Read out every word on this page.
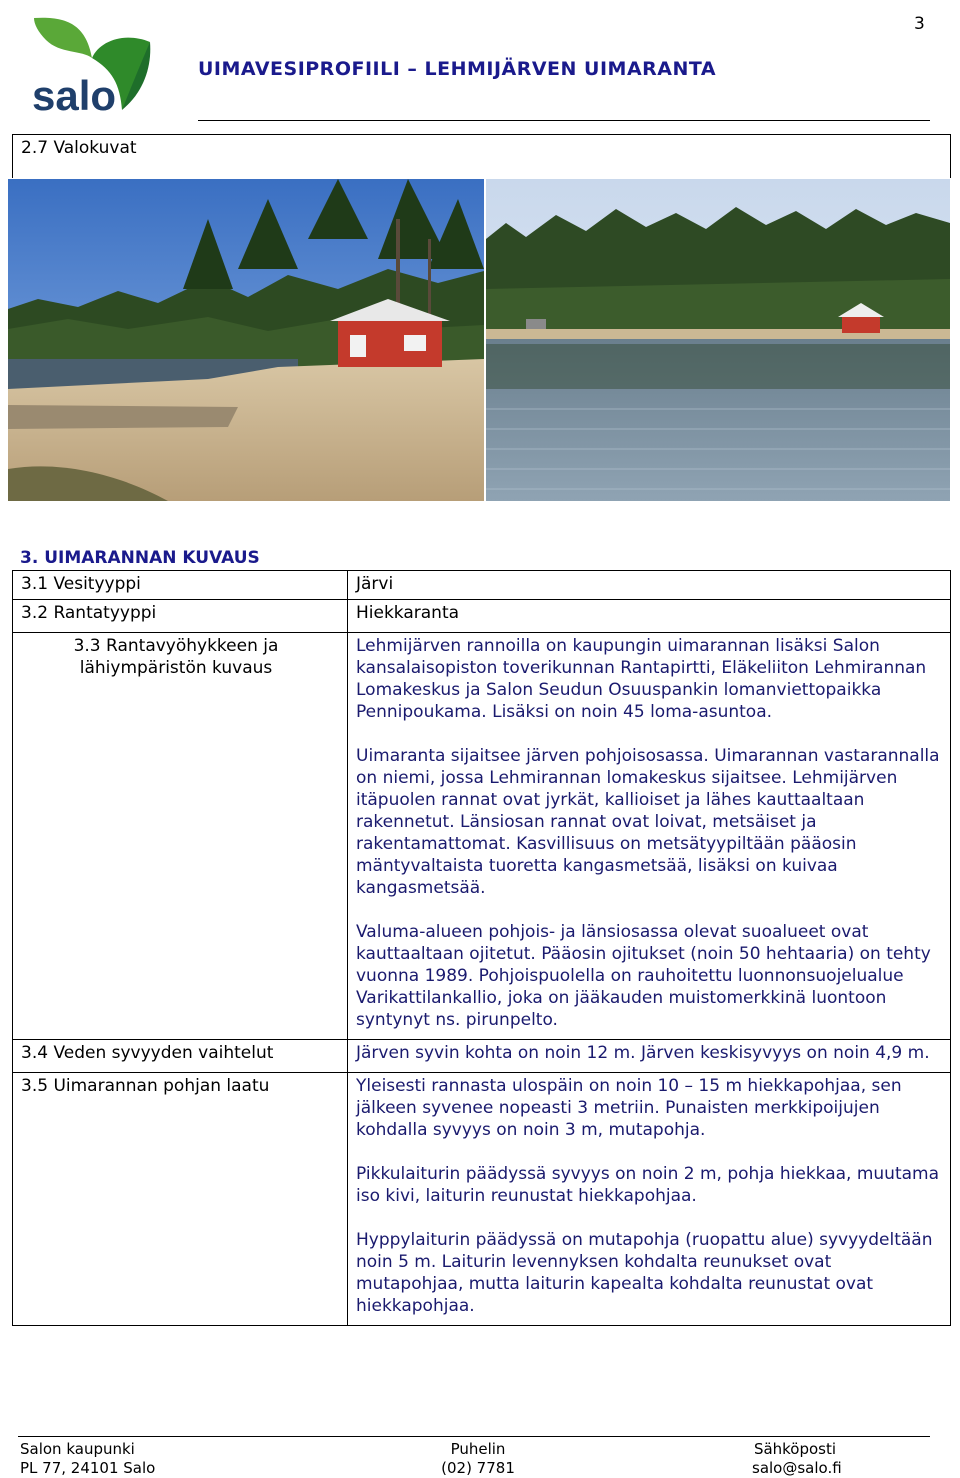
3
salo
UIMAVESIPROFIILI – LEHMIJÄRVEN UIMARANTA
2.7 Valokuvat
3. UIMARANNAN KUVAUS
3.1 Vesityyppi	Järvi

3.2 Rantatyyppi	Hiekkaranta

3.3 Rantavyöhykkeen ja lähiympäristön kuvaus	Lehmijärven rannoilla on kaupungin uimarannan lisäksi Salon kansalaisopiston toverikunnan Rantapirtti, Eläkeliiton Lehmirannan Lomakeskus ja Salon Seudun Osuuspankin lomanviettopaikka Pennipoukama. Lisäksi on noin 45 loma-asuntoa.
Uimaranta sijaitsee järven pohjoisosassa. Uimarannan vastarannalla on niemi, jossa Lehmirannan lomakeskus sijaitsee. Lehmijärven itäpuolen rannat ovat jyrkät, kallioiset ja lähes kauttaaltaan rakennetut. Länsiosan rannat ovat loivat, metsäiset ja rakentamattomat. Kasvillisuus on metsätyypiltään pääosin mäntyvaltaista tuoretta kangasmetsää, lisäksi on kuivaa kangasmetsää.
Valuma-alueen pohjois- ja länsiosassa olevat suoalueet ovat kauttaaltaan ojitetut. Pääosin ojitukset (noin 50 hehtaaria) on tehty vuonna 1989. Pohjoispuolella on rauhoitettu luonnonsuojelualue Varikattilankallio, joka on jääkauden muistomerkkinä luontoon syntynyt ns. pirunpelto.

3.4 Veden syvyyden vaihtelut	Järven syvin kohta on noin 12 m. Järven keskisyvyys on noin 4,9 m.

3.5 Uimarannan pohjan laatu	Yleisesti rannasta ulospäin on noin 10 – 15 m hiekkapohjaa, sen jälkeen syvenee nopeasti 3 metriin. Punaisten merkkipoijujen kohdalla syvyys on noin 3 m, mutapohja.
Pikkulaiturin päädyssä syvyys on noin 2 m, pohja hiekkaa, muutama iso kivi, laiturin reunustat hiekkapohjaa.
Hyppylaiturin päädyssä on mutapohja (ruopattu alue) syvyydeltään noin 5 m. Laiturin levennyksen kohdalta reunukset ovat mutapohjaa, mutta laiturin kapealta kohdalta reunustat ovat hiekkapohjaa.
Salon kaupunki
PL 77, 24101 Salo
Puhelin
(02) 7781
Sähköposti
salo@salo.fi
